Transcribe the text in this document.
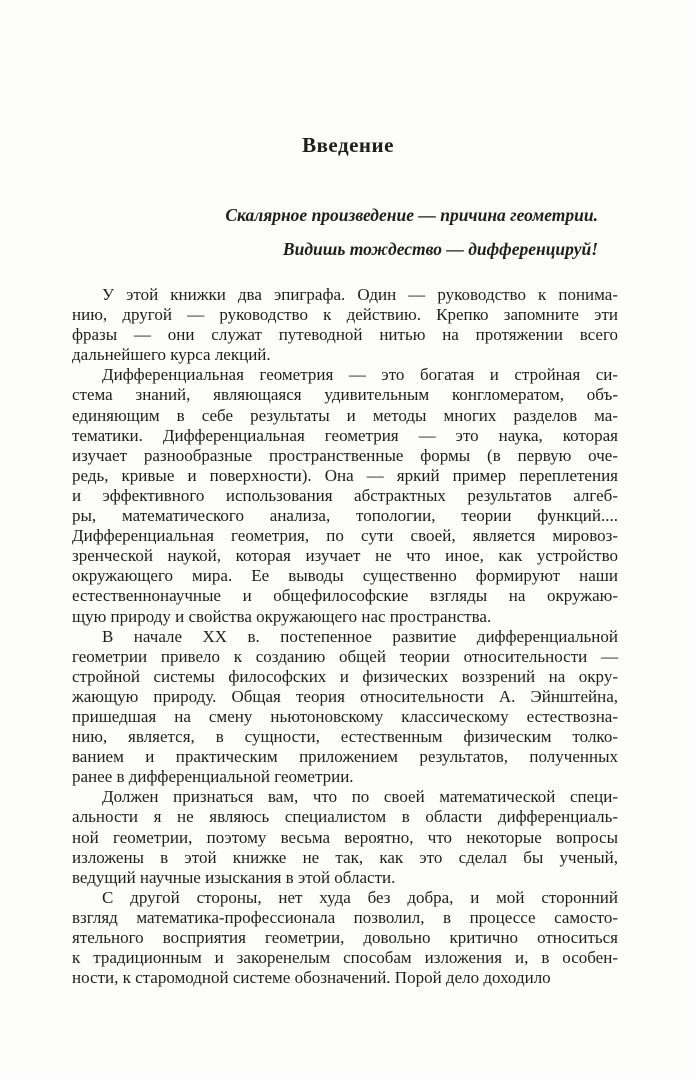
Введение
Скалярное произведение — причина геометрии.
Видишь тождество — дифференцируй!
У этой книжки два эпиграфа. Один — руководство к понима-
нию, другой — руководство к действию. Крепко запомните эти
фразы — они служат путеводной нитью на протяжении всего
дальнейшего курса лекций.
Дифференциальная геометрия — это богатая и стройная си-
стема знаний, являющаяся удивительным конгломератом, объ-
единяющим в себе результаты и методы многих разделов ма-
тематики. Дифференциальная геометрия — это наука, которая
изучает разнообразные пространственные формы (в первую оче-
редь, кривые и поверхности). Она — яркий пример переплетения
и эффективного использования абстрактных результатов алгеб-
ры, математического анализа, топологии, теории функций....
Дифференциальная геометрия, по сути своей, является мировоз-
зренческой наукой, которая изучает не что иное, как устройство
окружающего мира. Ее выводы существенно формируют наши
естественнонаучные и общефилософские взгляды на окружаю-
щую природу и свойства окружающего нас пространства.
В начале XX в. постепенное развитие дифференциальной
геометрии привело к созданию общей теории относительности —
стройной системы философских и физических воззрений на окру-
жающую природу. Общая теория относительности А. Эйнштейна,
пришедшая на смену ньютоновскому классическому естествозна-
нию, является, в сущности, естественным физическим толко-
ванием и практическим приложением результатов, полученных
ранее в дифференциальной геометрии.
Должен признаться вам, что по своей математической специ-
альности я не являюсь специалистом в области дифференциаль-
ной геометрии, поэтому весьма вероятно, что некоторые вопросы
изложены в этой книжке не так, как это сделал бы ученый,
ведущий научные изыскания в этой области.
С другой стороны, нет худа без добра, и мой сторонний
взгляд математика-профессионала позволил, в процессе самосто-
ятельного восприятия геометрии, довольно критично относиться
к традиционным и закоренелым способам изложения и, в особен-
ности, к старомодной системе обозначений. Порой дело доходило
